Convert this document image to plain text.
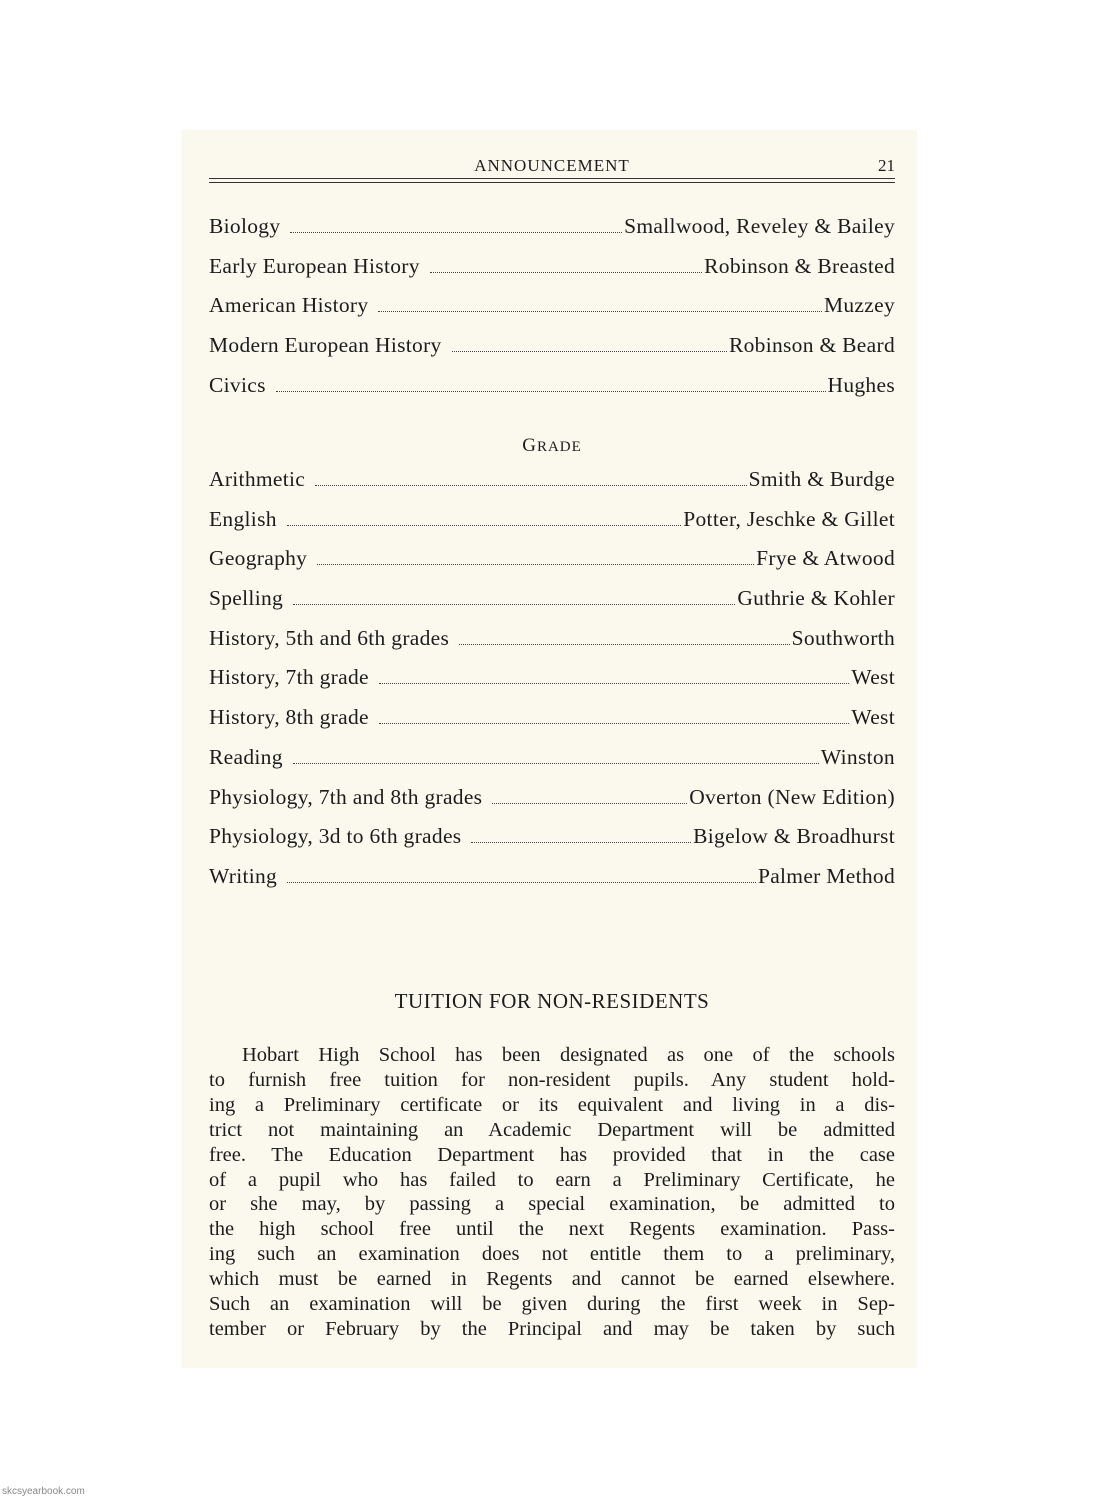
ANNOUNCEMENT	21
Biology	Smallwood, Reveley & Bailey
Early European History	Robinson & Breasted
American History	Muzzey
Modern European History	Robinson & Beard
Civics	Hughes
GRADE
Arithmetic	Smith & Burdge
English	Potter, Jeschke & Gillet
Geography	Frye & Atwood
Spelling	Guthrie & Kohler
History, 5th and 6th grades	Southworth
History, 7th grade	West
History, 8th grade	West
Reading	Winston
Physiology, 7th and 8th grades	Overton (New Edition)
Physiology, 3d to 6th grades	Bigelow & Broadhurst
Writing	Palmer Method
TUITION FOR NON-RESIDENTS
Hobart High School has been designated as one of the schools
to furnish free tuition for non-resident pupils. Any student hold-
ing a Preliminary certificate or its equivalent and living in a dis-
trict not maintaining an Academic Department will be admitted
free. The Education Department has provided that in the case
of a pupil who has failed to earn a Preliminary Certificate, he
or she may, by passing a special examination, be admitted to
the high school free until the next Regents examination. Pass-
ing such an examination does not entitle them to a preliminary,
which must be earned in Regents and cannot be earned elsewhere.
Such an examination will be given during the first week in Sep-
tember or February by the Principal and may be taken by such
skcsyearbook.com
